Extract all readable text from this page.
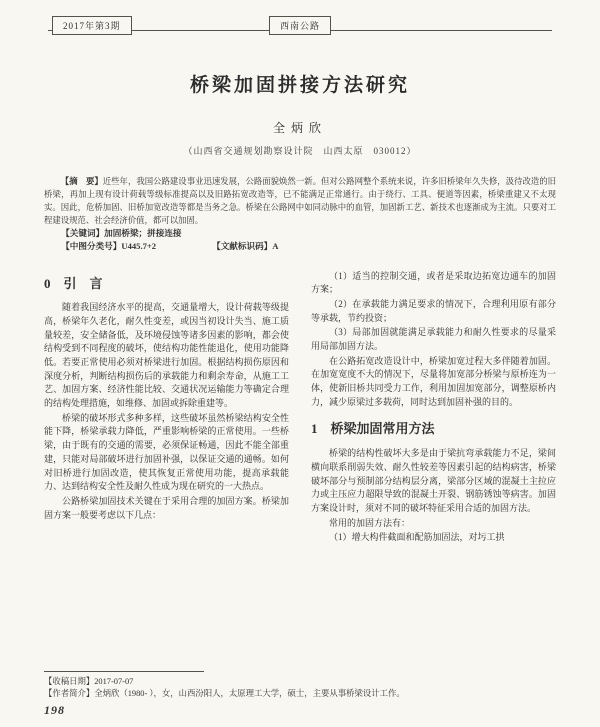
2017年第3期	西南公路
桥梁加固拼接方法研究
全炳欣
（山西省交通规划勘察设计院　山西太原　030012）

【摘　要】近些年，我国公路建设事业迅速发展，公路面貌焕然一新。但对公路网整个系统来说，许多旧桥梁年久失修，汲待改造的旧桥梁，再加上现有设计荷载等级标准提高以及旧路拓宽改造等，已不能满足正常通行。由于绕行、工具、便道等因素，桥梁重建又不太现实。因此，危桥加固、旧桥加宽改造等都是当务之急。桥梁在公路网中如同动脉中的血管，加固新工艺、新技术也逐渐成为主流。只要对工程建设规范、社会经济价值，都可以加固。

【关键词】加固桥梁；拼接连接

【中图分类号】U445.7+2	【文献标识码】A

0　引　言

随着我国经济水平的提高，交通量增大，设计荷载等级提高，桥梁年久老化，耐久性变差，或因当初设计失当、施工质量较差，安全储备低，及环境侵蚀等诸多因素的影响，都会使结构受到不同程度的破坏，使结构功能性能退化，使用功能降低。若要正常使用必须对桥梁进行加固。根据结构损伤原因和深度分析，判断结构损伤后的承载能力和剩余寿命，从施工工艺、加固方案、经济性能比较、交通状况运输能力等确定合理的结构处理措施，如维修、加固或拆除重建等。

桥梁的破坏形式多种多样，这些破坏虽然桥梁结构安全性能下降，桥梁承载力降低，严重影响桥梁的正常使用。一些桥梁，由于既有的交通的需要，必须保证畅通，因此不能全部重建，只能对局部破坏进行加固补强，以保证交通的通畅。如何对旧桥进行加固改造，使其恢复正常使用功能，提高承载能力、达到结构安全性及耐久性成为现在研究的一大热点。

公路桥梁加固技术关键在于采用合理的加固方案。桥梁加固方案一般要考虑以下几点：

（1）适当的控制交通，或者是采取边拓宽边通车的加固方案；

（2）在承载能力满足要求的情况下，合理利用原有部分等承载，节约投资；

（3）局部加固就能满足承载能力和耐久性要求的尽量采用局部加固方法。

在公路拓宽改造设计中，桥梁加宽过程大多伴随着加固。在加宽宽度不大的情况下，尽量将加宽部分桥梁与原桥连为一体，使新旧桥共同受力工作，利用加固加宽部分，调整原桥内力，减少原梁过多载荷，同时达到加固补强的目的。

1　桥梁加固常用方法

桥梁的结构性破坏大多是由于梁抗弯承载能力不足，梁间横向联系削弱失效、耐久性较差等因素引起的结构病害，桥梁破坏部分与预制部分结构层分离，梁部分区域的混凝土主拉应力或主压应力超限导致的混凝土开裂、钢筋锈蚀等病害。加固方案设计时，须对不同的破坏特征采用合适的加固方法。

常用的加固方法有：

（1）增大构件截面和配筋加固法，对圬工拱

【收稿日期】2017-07-07

【作者简介】全炳欣（1980- ），女，山西汾阳人，太原理工大学，硕士，主要从事桥梁设计工作。

198
